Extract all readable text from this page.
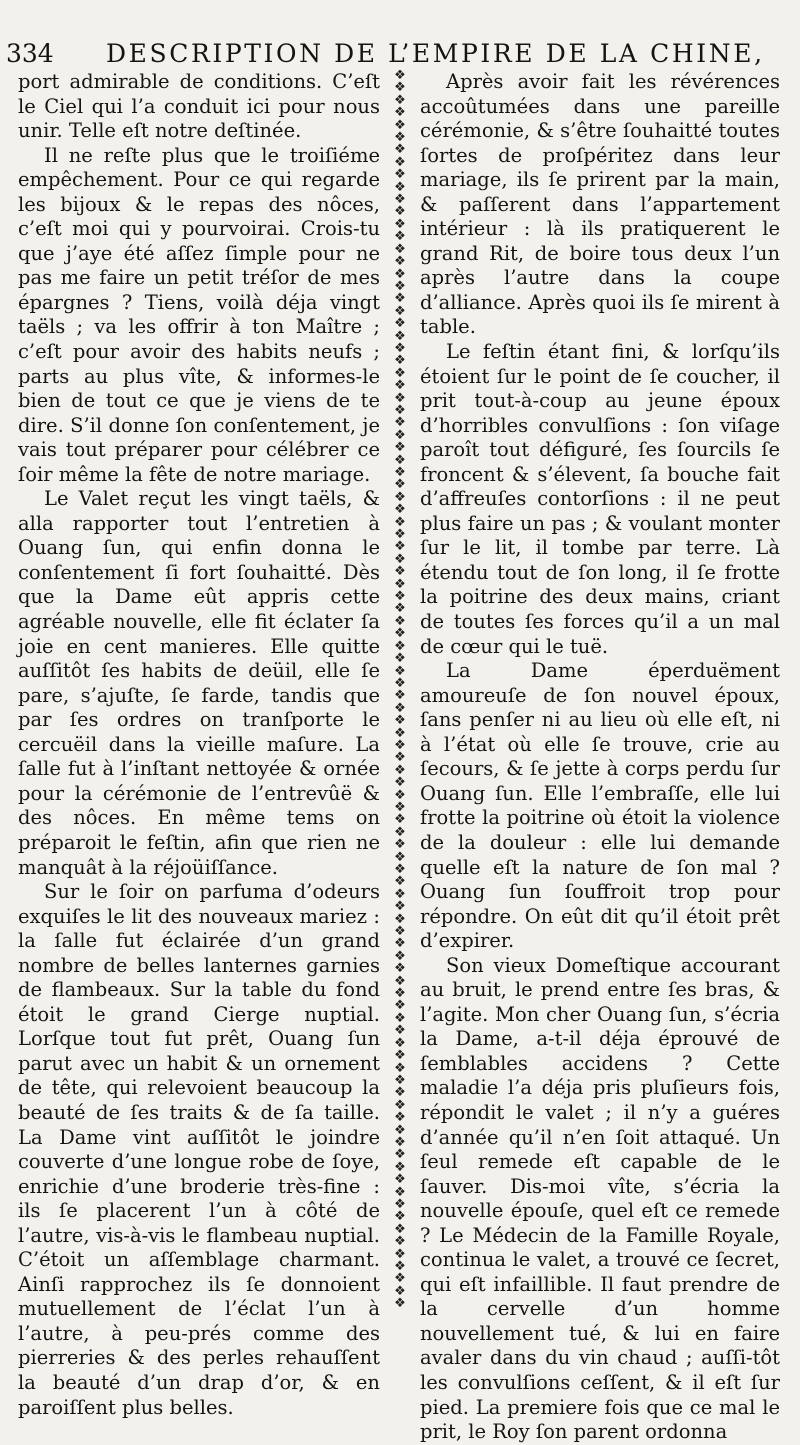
334 DESCRIPTION DE L’EMPIRE DE LA CHINE,

port admirable de conditions. C’eſt le Ciel qui l’a conduit ici pour nous unir. Telle eſt notre deſtinée.

Il ne reſte plus que le troiſiéme empêchement. Pour ce qui regarde les bijoux & le repas des nôces, c’eſt moi qui y pourvoirai. Crois-tu que j’aye été aſſez ſimple pour ne pas me faire un petit tréſor de mes épargnes ? Tiens, voilà déja vingt taëls ; va les offrir à ton Maître ; c’eſt pour avoir des habits neufs ; parts au plus vîte, & informes-le bien de tout ce que je viens de te dire. S’il donne ſon conſentement, je vais tout préparer pour célébrer ce ſoir même la fête de notre mariage.

Le Valet reçut les vingt taëls, & alla rapporter tout l’entretien à Ouang ſun, qui enfin donna le conſentement ſi fort ſouhaitté. Dès que la Dame eût appris cette agréable nouvelle, elle fit éclater ſa joie en cent manieres. Elle quitte auſſitôt ſes habits de deüil, elle ſe pare, s’ajuſte, ſe farde, tandis que par ſes ordres on tranſporte le cercuëil dans la vieille maſure. La ſalle fut à l’inſtant nettoyée & ornée pour la cérémonie de l’entrevûë & des nôces. En même tems on préparoit le feſtin, afin que rien ne manquât à la réjoüiſſance.

Sur le ſoir on parfuma d’odeurs exquiſes le lit des nouveaux mariez : la ſalle fut éclairée d’un grand nombre de belles lanternes garnies de flambeaux. Sur la table du fond étoit le grand Cierge nuptial. Lorſque tout fut prêt, Ouang ſun parut avec un habit & un ornement de tête, qui relevoient beaucoup la beauté de ſes traits & de ſa taille. La Dame vint auſſitôt le joindre couverte d’une longue robe de ſoye, enrichie d’une broderie très-fine : ils ſe placerent l’un à côté de l’autre, vis-à-vis le flambeau nuptial. C’étoit un aſſemblage charmant. Ainſi rapprochez ils ſe donnoient mutuellement de l’éclat l’un à l’autre, à peu-prés comme des pierreries & des perles rehauſſent la beauté d’un drap d’or, & en paroiſſent plus belles.

❖❖❖❖❖❖❖❖❖❖❖❖❖❖❖❖❖❖❖❖❖❖❖❖❖❖❖❖❖❖❖❖❖❖❖❖❖❖❖❖❖❖❖❖❖❖❖❖❖❖❖❖❖❖❖❖❖❖❖❖❖❖❖❖❖❖❖❖❖❖❖❖❖❖❖❖❖❖❖❖❖❖❖❖❖❖❖❖❖❖❖❖❖❖❖❖❖❖❖❖

Après avoir fait les révérences accoûtumées dans une pareille cérémonie, & s’être ſouhaitté toutes ſortes de proſpéritez dans leur mariage, ils ſe prirent par la main, & paſſerent dans l’appartement intérieur : là ils pratiquerent le grand Rit, de boire tous deux l’un après l’autre dans la coupe d’alliance. Après quoi ils ſe mirent à table.

Le feſtin étant fini, & lorſqu’ils étoient ſur le point de ſe coucher, il prit tout-à-coup au jeune époux d’horribles convulſions : ſon viſage paroît tout défiguré, ſes ſourcils ſe froncent & s’élevent, ſa bouche fait d’affreuſes contorſions : il ne peut plus faire un pas ; & voulant monter ſur le lit, il tombe par terre. Là étendu tout de ſon long, il ſe frotte la poitrine des deux mains, criant de toutes ſes forces qu’il a un mal de cœur qui le tuë.

La Dame éperduëment amoureuſe de ſon nouvel époux, ſans penſer ni au lieu où elle eſt, ni à l’état où elle ſe trouve, crie au ſecours, & ſe jette à corps perdu ſur Ouang ſun. Elle l’embraſſe, elle lui frotte la poitrine où étoit la violence de la douleur : elle lui demande quelle eſt la nature de ſon mal ? Ouang ſun ſouffroit trop pour répondre. On eût dit qu’il étoit prêt d’expirer.

Son vieux Domeſtique accourant au bruit, le prend entre ſes bras, & l’agite. Mon cher Ouang ſun, s’écria la Dame, a-t-il déja éprouvé de ſemblables accidens ? Cette maladie l’a déja pris pluſieurs fois, répondit le valet ; il n’y a guéres d’année qu’il n’en ſoit attaqué. Un ſeul remede eſt capable de le ſauver. Dis-moi vîte, s’écria la nouvelle épouſe, quel eſt ce remede ? Le Médecin de la Famille Royale, continua le valet, a trouvé ce ſecret, qui eſt infaillible. Il faut prendre de la cervelle d’un homme nouvellement tué, & lui en faire avaler dans du vin chaud ; auſſi-tôt les convulſions ceſſent, & il eſt ſur pied. La premiere fois que ce mal le prit, le Roy ſon parent ordonna
